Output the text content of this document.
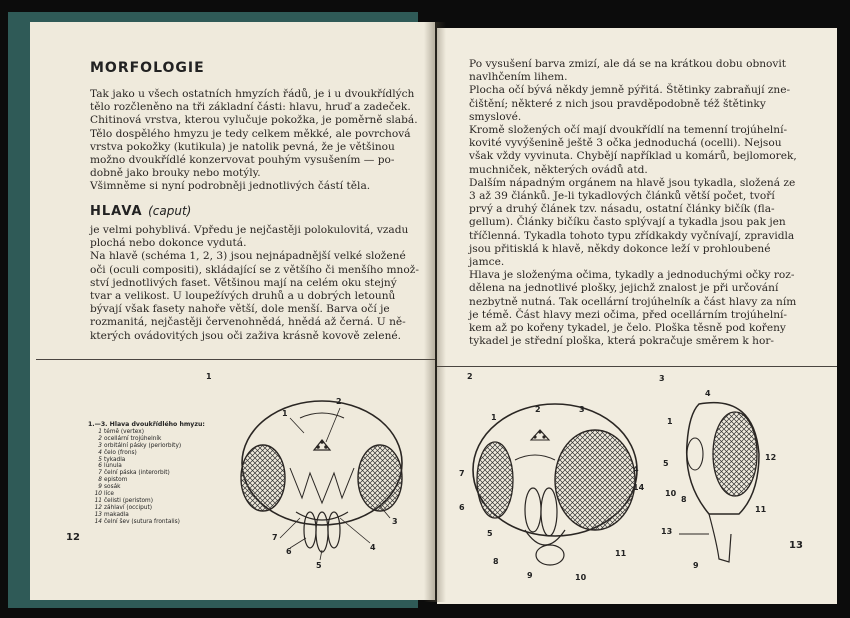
MORFOLOGIE

Tak jako u všech ostatních hmyzích řádů, je i u dvoukřídlých

tělo rozčleněno na tři základní části: hlavu, hruď a zadeček.

Chitinová vrstva, kterou vylučuje pokožka, je poměrně slabá.

Tělo dospělého hmyzu je tedy celkem měkké, ale povrchová

vrstva pokožky (kutikula) je natolik pevná, že je většinou

možno dvoukřídlé konzervovat pouhým vysušením — po-

dobně jako brouky nebo motýly.

Všimněme si nyní podrobněji jednotlivých částí těla.

HLAVA (caput)

je velmi pohyblivá. Vpředu je nejčastěji polokulovitá, vzadu

plochá nebo dokonce vydutá.

Na hlavě (schéma 1, 2, 3) jsou nejnápadnější velké složené

oči (oculi compositi), skládající se z většího či menšího množ-

ství jednotlivých faset. Většinou mají na celém oku stejný

tvar a velikost. U loupežívých druhů a u dobrých letounů

bývají však fasety nahoře větší, dole menší. Barva očí je

rozmanitá, nejčastěji červenohnědá, hnědá až černá. U ně-

kterých ovádovitých jsou oči zaživa krásně kovově zelené.

1
1.—3. Hlava dvoukřídlého hmyzu:
1 témě (vertex)
2 ocellární trojúhelník
3 orbitální pásky (periorbity)
4 čelo (frons)
5 tykadla
6 lunula
7 čelní páska (interorbit)
8 epistom
9 sosák
10 líce
11 čelisti (peristom)
12 záhlaví (occiput)
13 makadla
14 čelní šev (sutura frontalis)
12
1
2
3
4
5
6
7

Po vysušení barva zmizí, ale dá se na krátkou dobu obnovit

navlhčením lihem.

Plocha očí bývá někdy jemně pýřitá. Štětinky zabraňují zne-

čištění; některé z nich jsou pravděpodobně též štětinky

smyslové.

Kromě složených očí mají dvoukřídlí na temenní trojúhelní-

kovité vyvýšenině ještě 3 očka jednoduchá (ocelli). Nejsou

však vždy vyvinuta. Chybějí například u komárů, bejlomorek,

muchniček, některých ovádů atd.

Dalším nápadným orgánem na hlavě jsou tykadla, složená ze

3 až 39 článků. Je-li tykadlových článků větší počet, tvoří

prvý a druhý článek tzv. násadu, ostatní články bičík (fla-

gellum). Články bičíku často splývají a tykadla jsou pak jen

tříčlenná. Tykadla tohoto typu zřídkakdy vyčnívají, zpravidla

jsou přitisklá k hlavě, někdy dokonce leží v prohloubené

jamce.

Hlava je složenýma očima, tykadly a jednoduchými očky roz-

dělena na jednotlivé plošky, jejichž znalost je při určování

nezbytně nutná. Tak ocellární trojúhelník a část hlavy za ním

je témě. Část hlavy mezi očima, před ocellárním trojúhelní-

kem až po kořeny tykadel, je čelo. Ploška těsně pod kořeny

tykadel je střední ploška, která pokračuje směrem k hor-

2	3
1
2	3
4
5
6
7
8
9	10
11
14
4
1
5
12
10
8
11
13
9
13
